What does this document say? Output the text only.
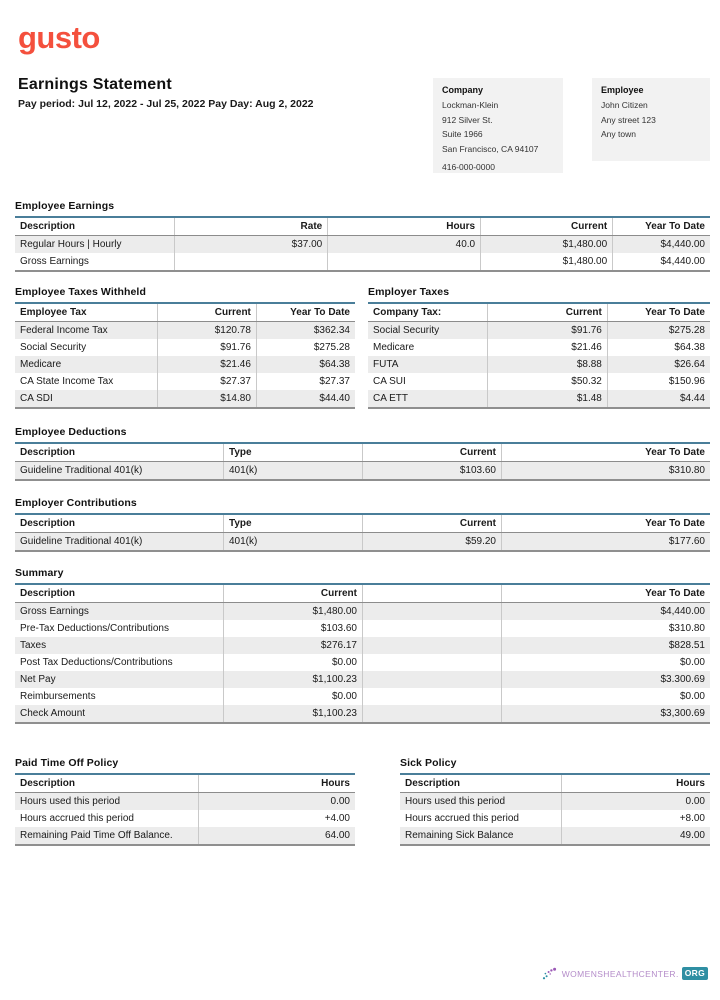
gusto
Earnings Statement
Pay period: Jul 12, 2022 - Jul 25, 2022 Pay Day: Aug 2, 2022
Company
Lockman-Klein
912 Silver St.
Suite 1966
San Francisco, CA 94107
416-000-0000
Employee
John Citizen
Any street 123
Any town
Employee Earnings
Description	Rate	Hours	Current	Year To Date
Regular Hours | Hourly	$37.00	40.0	$1,480.00	$4,440.00
Gross Earnings			$1,480.00	$4,440.00
Employee Taxes Withheld
Employee Tax	Current	Year To Date
Federal Income Tax	$120.78	$362.34
Social Security	$91.76	$275.28
Medicare	$21.46	$64.38
CA State Income Tax	$27.37	$27.37
CA SDI	$14.80	$44.40
Employer Taxes
Company Tax:	Current	Year To Date
Social Security	$91.76	$275.28
Medicare	$21.46	$64.38
FUTA	$8.88	$26.64
CA SUI	$50.32	$150.96
CA ETT	$1.48	$4.44
Employee Deductions
Description	Type	Current	Year To Date
Guideline Traditional 401(k)	401(k)	$103.60	$310.80
Employer Contributions
Description	Type	Current	Year To Date
Guideline Traditional 401(k)	401(k)	$59.20	$177.60
Summary
Description	Current		Year To Date
Gross Earnings	$1,480.00		$4,440.00
Pre-Tax Deductions/Contributions	$103.60		$310.80
Taxes	$276.17		$828.51
Post Tax Deductions/Contributions	$0.00		$0.00
Net Pay	$1,100.23		$3.300.69
Reimbursements	$0.00		$0.00
Check Amount	$1,100.23		$3,300.69
Paid Time Off Policy
Description	Hours
Hours used this period	0.00
Hours accrued this period	+4.00
Remaining Paid Time Off Balance.	64.00
Sick Policy
Description	Hours
Hours used this period	0.00
Hours accrued this period	+8.00
Remaining Sick Balance	49.00
WOMENSHEALTHCENTER. ORG
